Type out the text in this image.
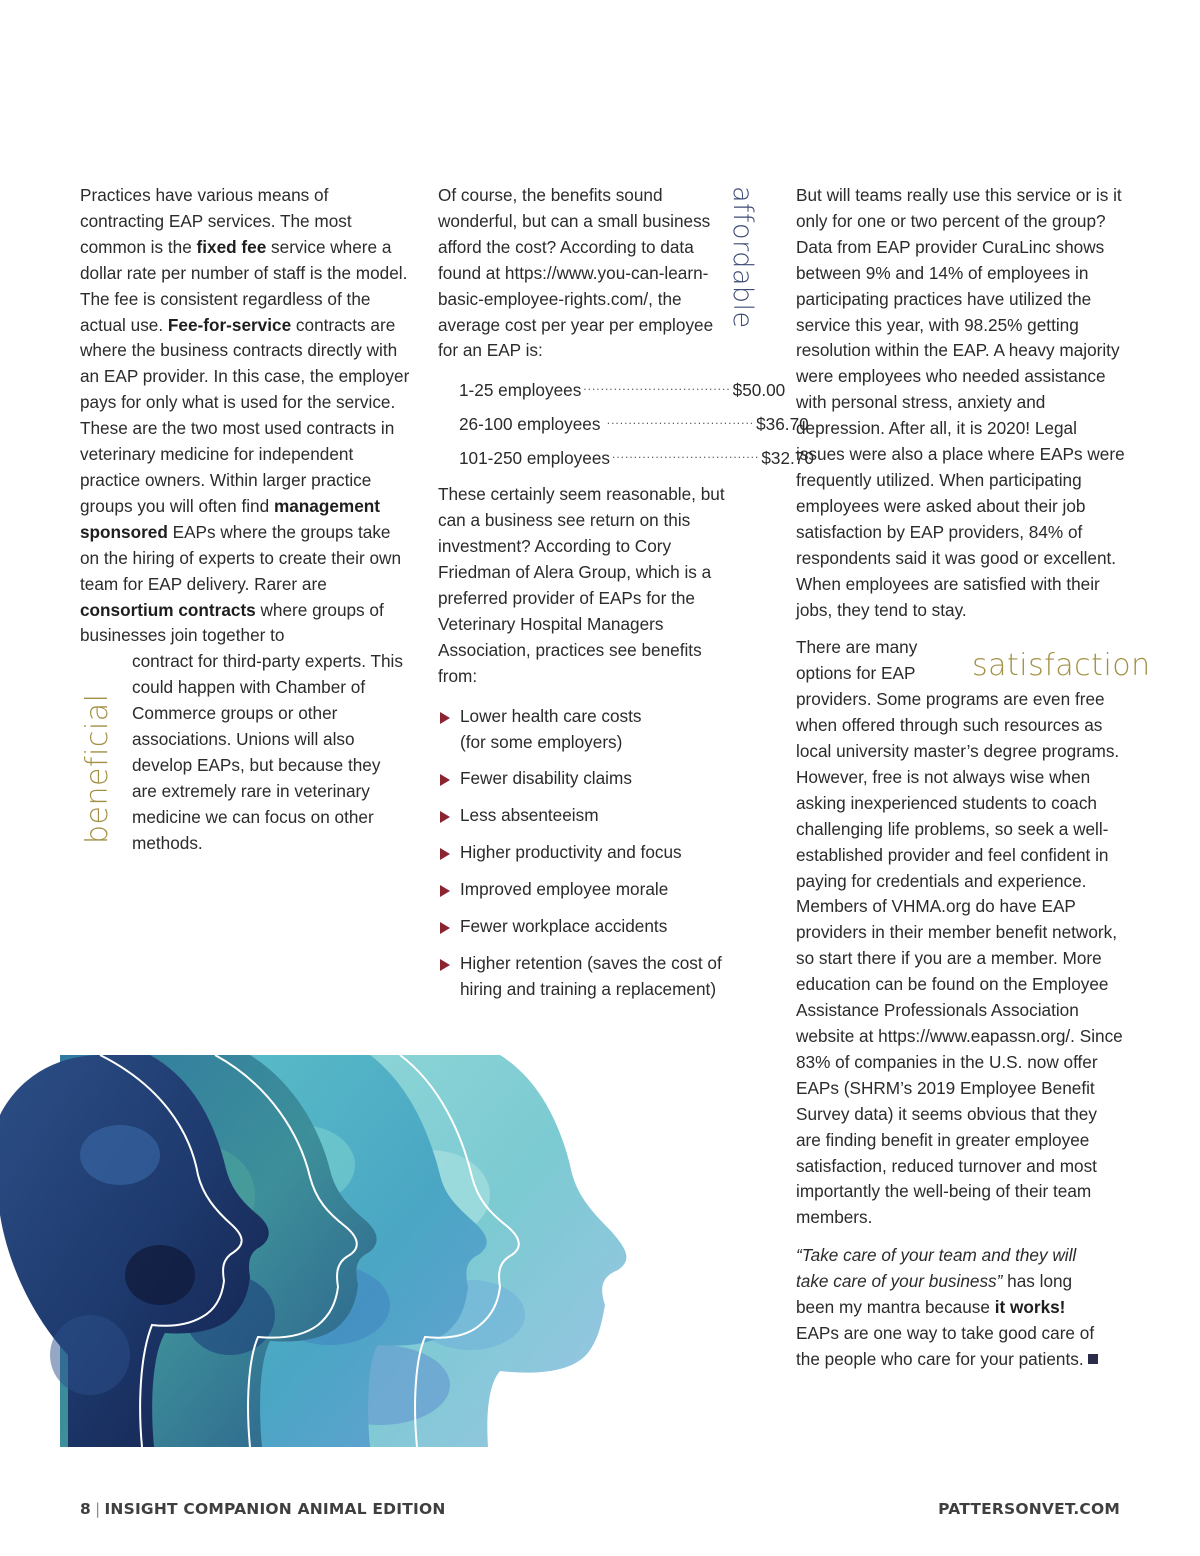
Practices have various means of contracting EAP services. The most common is the fixed fee service where a dollar rate per number of staff is the model. The fee is consistent regardless of the actual use. Fee-for-service contracts are where the business contracts directly with an EAP provider. In this case, the employer pays for only what is used for the service. These are the two most used contracts in veterinary medicine for independent practice owners. Within larger practice groups you will often find management sponsored EAPs where the groups take on the hiring of experts to create their own team for EAP delivery. Rarer are consortium contracts where groups of businesses join together to

contract for third-party experts. This could happen with Chamber of Commerce groups or other associations. Unions will also develop EAPs, but because they are extremely rare in veterinary medicine we can focus on other methods.

beneficial

Of course, the benefits sound wonderful, but can a small business afford the cost? According to data found at https://www.you-can-learn-basic-employee-rights.com/, the average cost per year per employee for an EAP is:

1-25 employees .................................. $50.00
26-100 employees .................................. $36.70
101-250 employees .................................. $32.70

These certainly seem reasonable, but can a business see return on this investment? According to Cory Friedman of Alera Group, which is a preferred provider of EAPs for the Veterinary Hospital Managers Association, practices see benefits from:

Lower health care costs (for some employers)
Fewer disability claims
Less absenteeism
Higher productivity and focus
Improved employee morale
Fewer workplace accidents
Higher retention (saves the cost of hiring and training a replacement)
affordable But will teams really use this service or is it only for one or two percent of the group? Data from EAP provider CuraLinc shows between 9% and 14% of employees in participating practices have utilized the service this year, with 98.25% getting resolution within the EAP. A heavy majority were employees who needed assistance with personal stress, anxiety and depression. After all, it is 2020! Legal issues were also a place where EAPs were frequently utilized. When participating employees were asked about their job satisfaction by EAP providers, 84% of respondents said it was good or excellent. When employees are satisfied with their jobs, they tend to stay.

There are many
options for EAP
providers. Some programs are even free when offered through such resources as local university master’s degree programs. However, free is not always wise when asking inexperienced students to coach challenging life problems, so seek a well-established provider and feel confident in paying for credentials and experience. Members of VHMA.org do have EAP providers in their member benefit network, so start there if you are a member. More education can be found on the Employee Assistance Professionals Association website at https://www.eapassn.org/. Since 83% of companies in the U.S. now offer EAPs (SHRM’s 2019 Employee Benefit Survey data) it seems obvious that they are finding benefit in greater employee satisfaction, reduced turnover and most importantly the well-being of their team members.

“Take care of your team and they will take care of your business” has long been my mantra because it works! EAPs are one way to take good care of the people who care for your patients.

satisfaction
8 | INSIGHT COMPANION ANIMAL EDITION	PATTERSONVET.COM
